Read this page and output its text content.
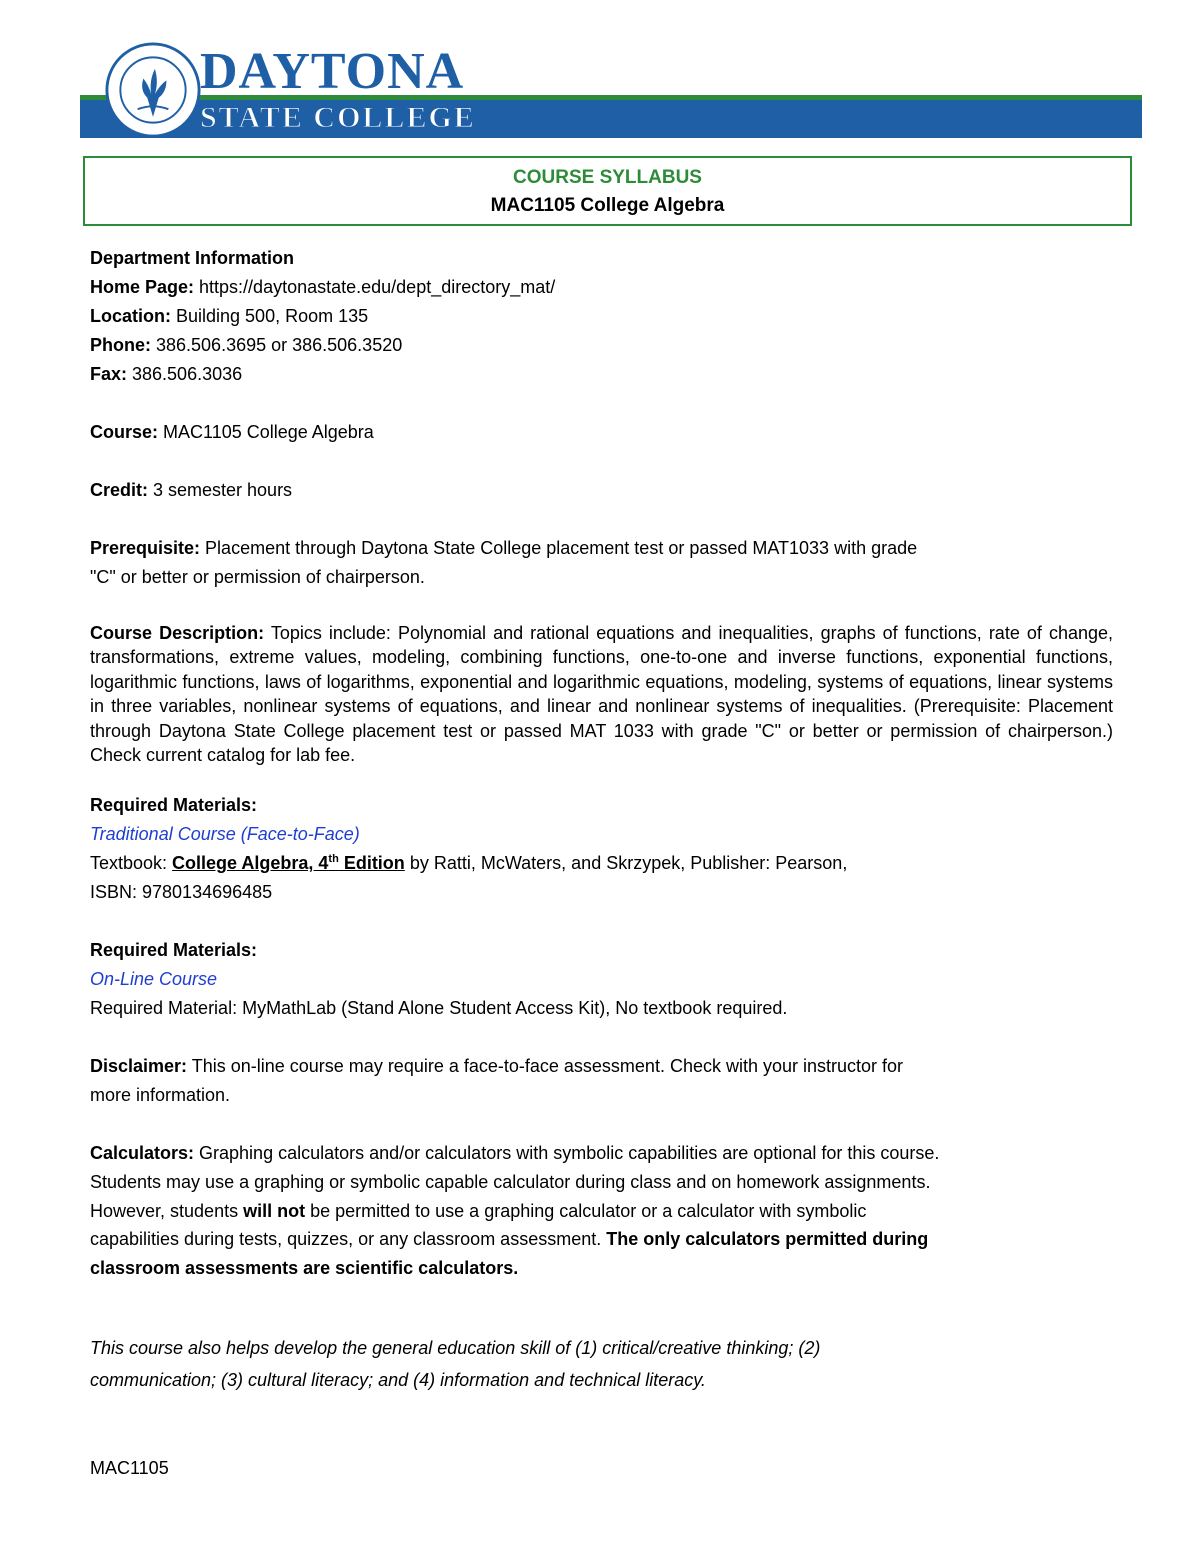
DAYTONA
STATE COLLEGE
COURSE SYLLABUS
MAC1105 College Algebra

Department Information

Home Page: https://daytonastate.edu/dept_directory_mat/

Location: Building 500, Room 135

Phone: 386.506.3695 or 386.506.3520

Fax: 386.506.3036

Course: MAC1105 College Algebra

Credit: 3 semester hours

Prerequisite: Placement through Daytona State College placement test or passed MAT1033 with grade

"C" or better or permission of chairperson.

Course Description: Topics include: Polynomial and rational equations and inequalities, graphs of functions, rate of change, transformations, extreme values, modeling, combining functions, one-to-one and inverse functions, exponential functions, logarithmic functions, laws of logarithms, exponential and logarithmic equations, modeling, systems of equations, linear systems in three variables, nonlinear systems of equations, and linear and nonlinear systems of inequalities. (Prerequisite: Placement through Daytona State College placement test or passed MAT 1033 with grade "C" or better or permission of chairperson.) Check current catalog for lab fee.

Required Materials:

Traditional Course (Face-to-Face)

Textbook: College Algebra, 4th Edition by Ratti, McWaters, and Skrzypek, Publisher: Pearson,

ISBN: 9780134696485

Required Materials:

On-Line Course

Required Material: MyMathLab (Stand Alone Student Access Kit), No textbook required.

Disclaimer: This on-line course may require a face-to-face assessment. Check with your instructor for

more information.

Calculators: Graphing calculators and/or calculators with symbolic capabilities are optional for this course.

Students may use a graphing or symbolic capable calculator during class and on homework assignments.

However, students will not be permitted to use a graphing calculator or a calculator with symbolic

capabilities during tests, quizzes, or any classroom assessment. The only calculators permitted during

classroom assessments are scientific calculators.

This course also helps develop the general education skill of (1) critical/creative thinking; (2)

communication; (3) cultural literacy; and (4) information and technical literacy.

MAC1105
